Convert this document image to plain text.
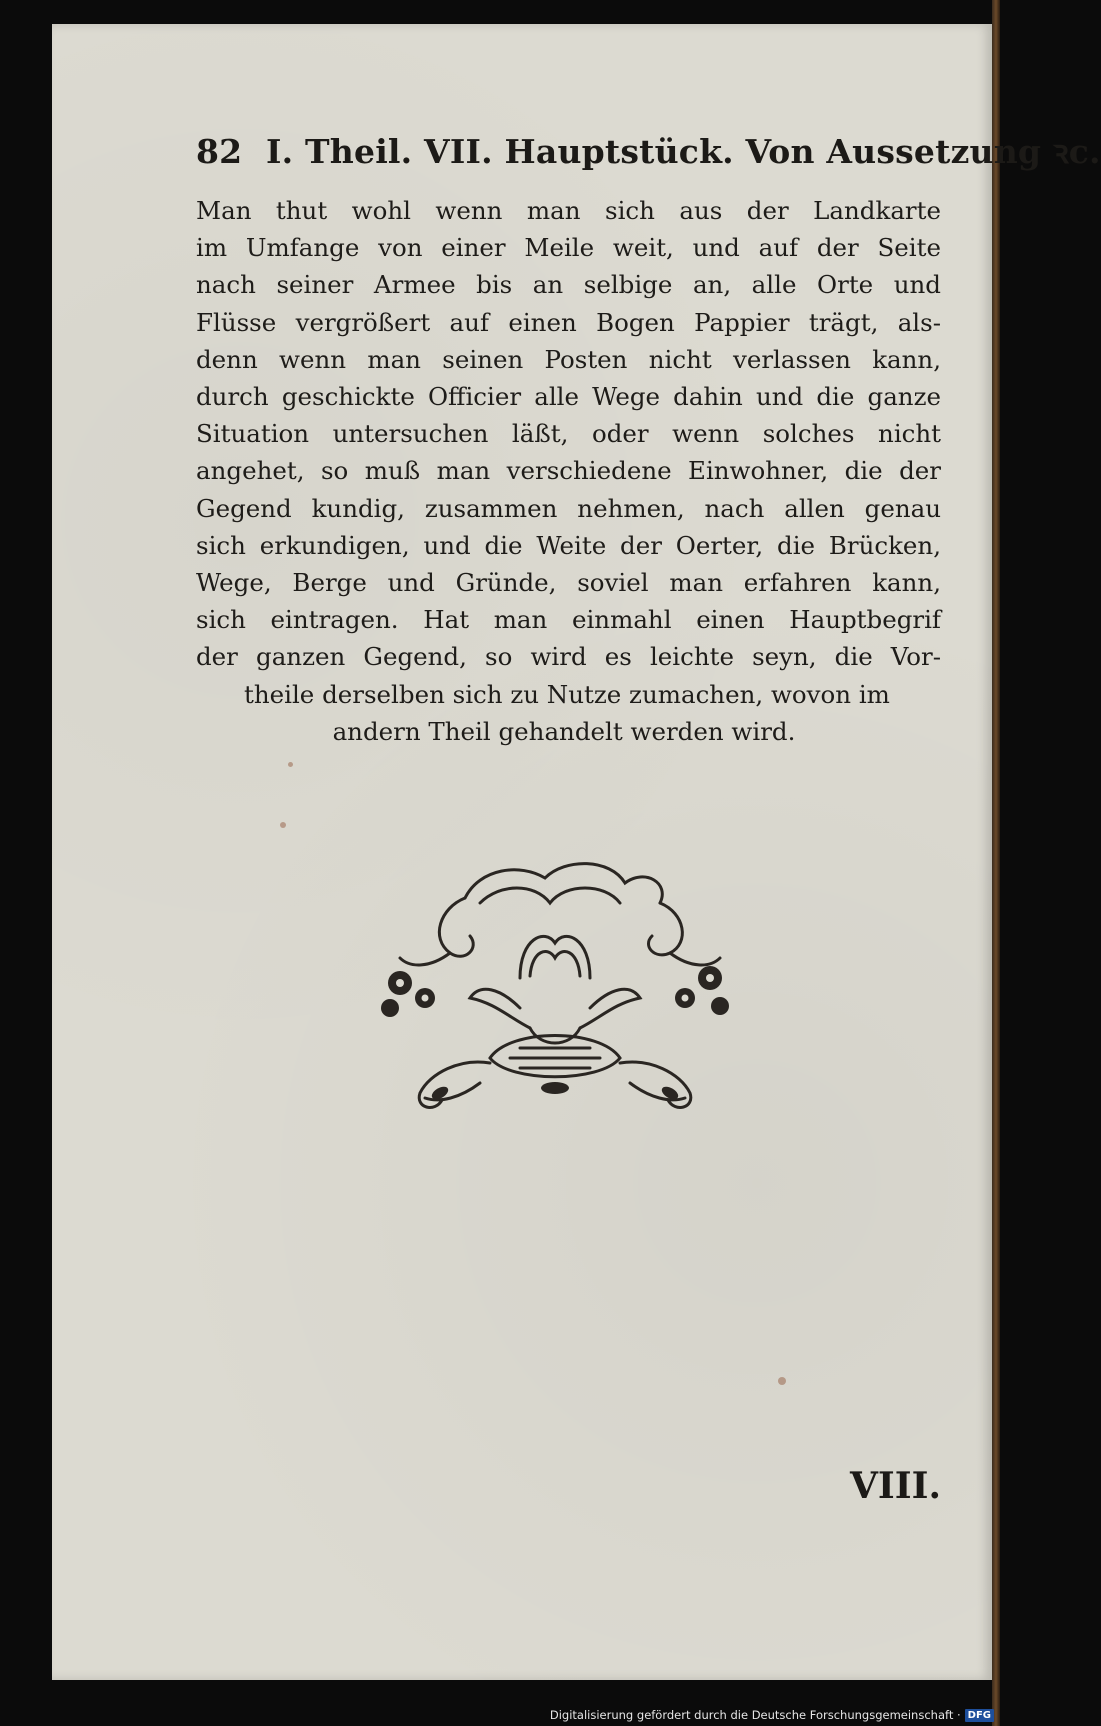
82 I. Theil. VII. Hauptstück. Von Aussetzung ꝛc.
Man thut wohl wenn man sich aus der Landkarte
im Umfange von einer Meile weit, und auf der Seite
nach seiner Armee bis an selbige an, alle Orte und
Flüsse vergrößert auf einen Bogen Pappier trägt, als-
denn wenn man seinen Posten nicht verlassen kann,
durch geschickte Officier alle Wege dahin und die ganze
Situation untersuchen läßt, oder wenn solches nicht
angehet, so muß man verschiedene Einwohner, die der
Gegend kundig, zusammen nehmen, nach allen genau
sich erkundigen, und die Weite der Oerter, die Brücken,
Wege, Berge und Gründe, soviel man erfahren kann,
sich eintragen. Hat man einmahl einen Hauptbegrif
der ganzen Gegend, so wird es leichte seyn, die Vor-
theile derselben sich zu Nutze zumachen, wovon im
andern Theil gehandelt werden wird.
VIII.
Digitalisierung gefördert durch die Deutsche Forschungsgemeinschaft · DFG
